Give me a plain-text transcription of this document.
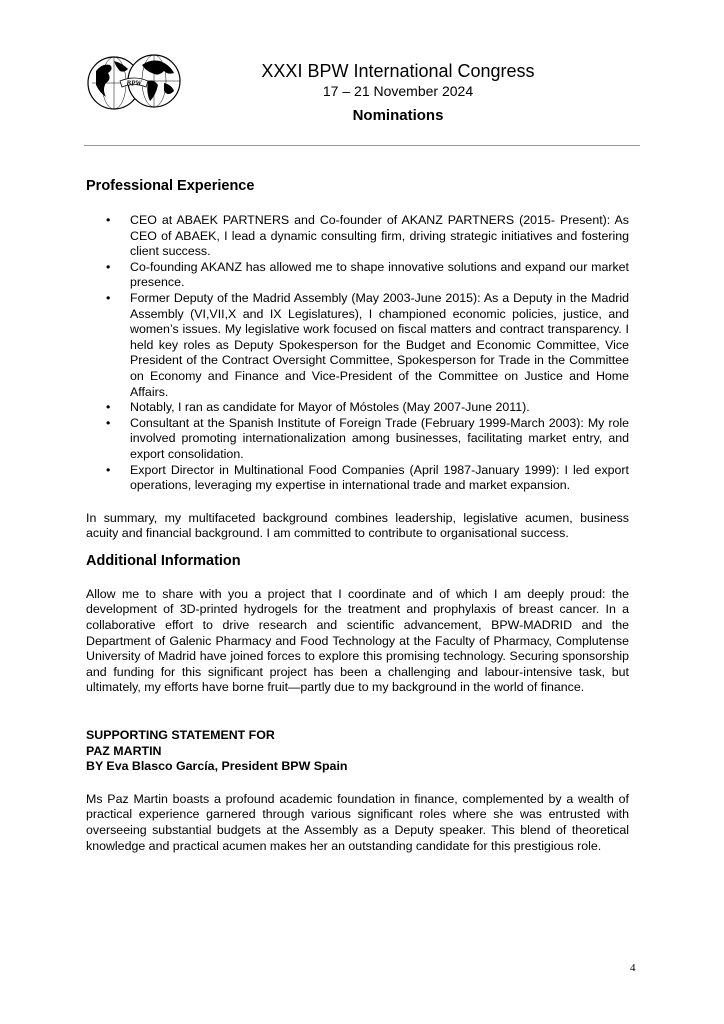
BPW
XXXI BPW International Congress
17 – 21 November 2024
Nominations
Professional Experience
• CEO at ABAEK PARTNERS and Co-founder of AKANZ PARTNERS (2015- Present): As CEO of ABAEK, I lead a dynamic consulting firm, driving strategic initiatives and fostering client success.
• Co-founding AKANZ has allowed me to shape innovative solutions and expand our market presence.
• Former Deputy of the Madrid Assembly (May 2003-June 2015): As a Deputy in the Madrid Assembly (VI,VII,X and IX Legislatures), I championed economic policies, justice, and women’s issues. My legislative work focused on fiscal matters and contract transparency. I held key roles as Deputy Spokesperson for the Budget and Economic Committee, Vice President of the Contract Oversight Committee, Spokesperson for Trade in the Committee on Economy and Finance and Vice-President of the Committee on Justice and Home Affairs.
• Notably, I ran as candidate for Mayor of Móstoles (May 2007-June 2011).
• Consultant at the Spanish Institute of Foreign Trade (February 1999-March 2003): My role involved promoting internationalization among businesses, facilitating market entry, and export consolidation.
• Export Director in Multinational Food Companies (April 1987-January 1999): I led export operations, leveraging my expertise in international trade and market expansion.

In summary, my multifaceted background combines leadership, legislative acumen, business acuity and financial background. I am committed to contribute to organisational success.

Additional Information

Allow me to share with you a project that I coordinate and of which I am deeply proud: the development of 3D-printed hydrogels for the treatment and prophylaxis of breast cancer. In a collaborative effort to drive research and scientific advancement, BPW-MADRID and the Department of Galenic Pharmacy and Food Technology at the Faculty of Pharmacy, Complutense University of Madrid have joined forces to explore this promising technology. Securing sponsorship and funding for this significant project has been a challenging and labour-intensive task, but ultimately, my efforts have borne fruit—partly due to my background in the world of finance.

SUPPORTING STATEMENT FOR
PAZ MARTIN
BY Eva Blasco García, President BPW Spain

Ms Paz Martin boasts a profound academic foundation in finance, complemented by a wealth of practical experience garnered through various significant roles where she was entrusted with overseeing substantial budgets at the Assembly as a Deputy speaker. This blend of theoretical knowledge and practical acumen makes her an outstanding candidate for this prestigious role.

4
